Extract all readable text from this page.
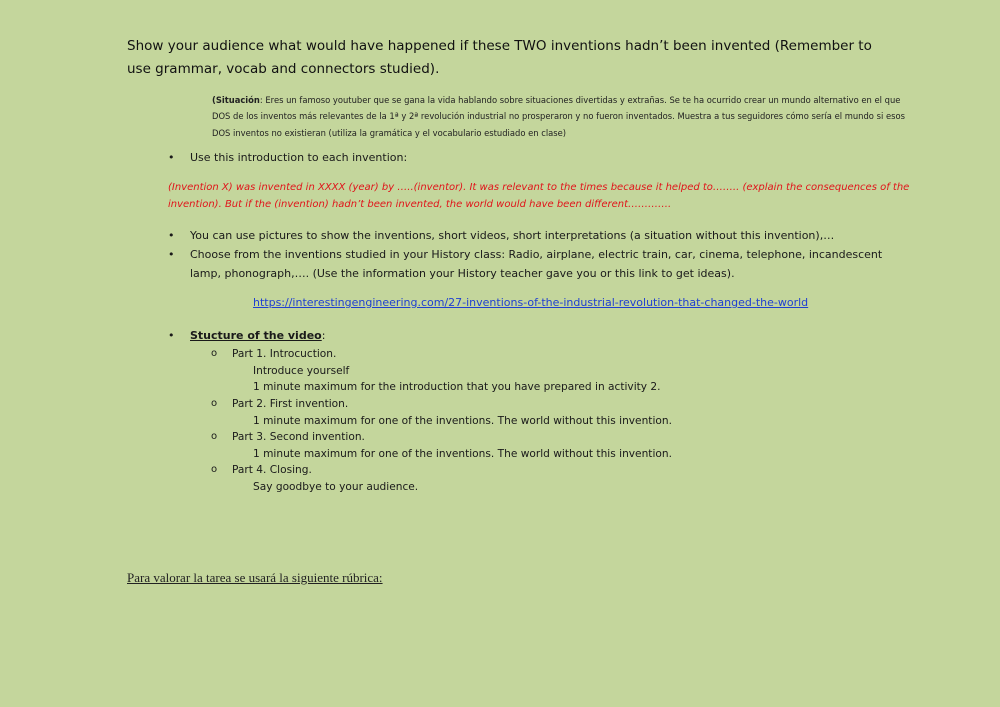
Show your audience what would have happened if these TWO inventions hadn’t been invented (Remember to use grammar, vocab and connectors studied).
(Situación: Eres un famoso youtuber que se gana la vida hablando sobre situaciones divertidas y extrañas. Se te ha ocurrido crear un mundo alternativo en el que DOS de los inventos más relevantes de la 1ª y 2ª revolución industrial no prosperaron y no fueron inventados. Muestra a tus seguidores cómo sería el mundo si esos DOS inventos no existieran (utiliza la gramática y el vocabulario estudiado en clase)
•	Use this introduction to each invention:
(Invention X) was invented in XXXX (year) by …..(inventor). It was relevant to the times because it helped to…….. (explain the consequences of the invention). But if the (invention) hadn’t been invented, the world would have been different………….
•	You can use pictures to show the inventions, short videos, short interpretations (a situation without this invention),…
•	Choose from the inventions studied in your History class: Radio, airplane, electric train, car, cinema, telephone, incandescent lamp, phonograph,…. (Use the information your History teacher gave you or this link to get ideas).
https://interestingengineering.com/27-inventions-of-the-industrial-revolution-that-changed-the-world
•	Stucture of the video:
o Part 1. Introcuction.
Introduce yourself
1 minute maximum for the introduction that you have prepared in activity 2.
o Part 2. First invention.
1 minute maximum for one of the inventions. The world without this invention.
o Part 3. Second invention.
1 minute maximum for one of the inventions. The world without this invention.
o Part 4. Closing.
Say goodbye to your audience.
Para valorar la tarea se usará la siguiente rúbrica:
